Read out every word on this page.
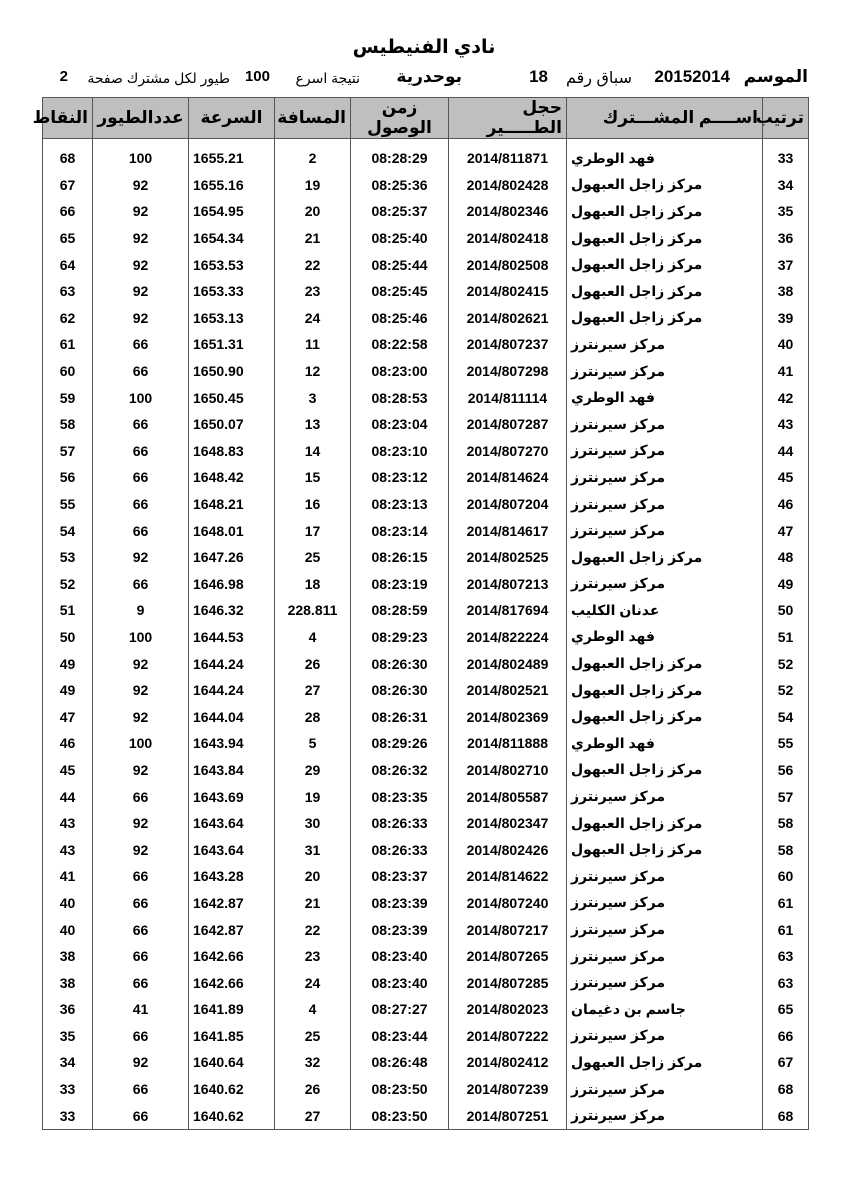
نادي الفنيطيس
الموسم
20152014
سباق رقم
18
بوحدرية
نتيجة اسرع
100
طيور لكل مشترك صفحة
2
ترتيب	اســــم المشـــترك	حجل الطـــــير	زمن الوصول	المسافة	السرعة	عددالطيور	النقاط

33	فهد الوطري	2014/811871	08:28:29	2	1655.21	100	68
34	مركز زاجل العبهول	2014/802428	08:25:36	19	1655.16	92	67
35	مركز زاجل العبهول	2014/802346	08:25:37	20	1654.95	92	66
36	مركز زاجل العبهول	2014/802418	08:25:40	21	1654.34	92	65
37	مركز زاجل العبهول	2014/802508	08:25:44	22	1653.53	92	64
38	مركز زاجل العبهول	2014/802415	08:25:45	23	1653.33	92	63
39	مركز زاجل العبهول	2014/802621	08:25:46	24	1653.13	92	62
40	مركز سيرنترز	2014/807237	08:22:58	11	1651.31	66	61
41	مركز سيرنترز	2014/807298	08:23:00	12	1650.90	66	60
42	فهد الوطري	2014/811114	08:28:53	3	1650.45	100	59
43	مركز سيرنترز	2014/807287	08:23:04	13	1650.07	66	58
44	مركز سيرنترز	2014/807270	08:23:10	14	1648.83	66	57
45	مركز سيرنترز	2014/814624	08:23:12	15	1648.42	66	56
46	مركز سيرنترز	2014/807204	08:23:13	16	1648.21	66	55
47	مركز سيرنترز	2014/814617	08:23:14	17	1648.01	66	54
48	مركز زاجل العبهول	2014/802525	08:26:15	25	1647.26	92	53
49	مركز سيرنترز	2014/807213	08:23:19	18	1646.98	66	52
50	عدنان الكليب	2014/817694	08:28:59	228.811	1646.32	9	51
51	فهد الوطري	2014/822224	08:29:23	4	1644.53	100	50
52	مركز زاجل العبهول	2014/802489	08:26:30	26	1644.24	92	49
52	مركز زاجل العبهول	2014/802521	08:26:30	27	1644.24	92	49
54	مركز زاجل العبهول	2014/802369	08:26:31	28	1644.04	92	47
55	فهد الوطري	2014/811888	08:29:26	5	1643.94	100	46
56	مركز زاجل العبهول	2014/802710	08:26:32	29	1643.84	92	45
57	مركز سيرنترز	2014/805587	08:23:35	19	1643.69	66	44
58	مركز زاجل العبهول	2014/802347	08:26:33	30	1643.64	92	43
58	مركز زاجل العبهول	2014/802426	08:26:33	31	1643.64	92	43
60	مركز سيرنترز	2014/814622	08:23:37	20	1643.28	66	41
61	مركز سيرنترز	2014/807240	08:23:39	21	1642.87	66	40
61	مركز سيرنترز	2014/807217	08:23:39	22	1642.87	66	40
63	مركز سيرنترز	2014/807265	08:23:40	23	1642.66	66	38
63	مركز سيرنترز	2014/807285	08:23:40	24	1642.66	66	38
65	جاسم بن دغيمان	2014/802023	08:27:27	4	1641.89	41	36
66	مركز سيرنترز	2014/807222	08:23:44	25	1641.85	66	35
67	مركز زاجل العبهول	2014/802412	08:26:48	32	1640.64	92	34
68	مركز سيرنترز	2014/807239	08:23:50	26	1640.62	66	33
68	مركز سيرنترز	2014/807251	08:23:50	27	1640.62	66	33
